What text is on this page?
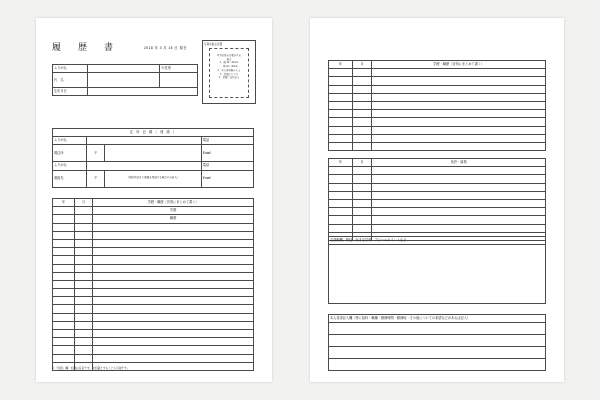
履　歴　書	2018 年 3 月 15 日 現在
写真を貼る位置
写真を貼る必要がある
場合
1．縦 36〜40mm
　 横 24〜30mm
2．本人単身胸から上
3．裏面のりづけ
4．裏面に氏名記入
ふりがな		※性別
氏　名		
生年月日		
住　所　記　載　（　連　絡　）			
ふりがな			電話
現住所	〒		Email
ふりがな			電話
連絡先	〒	（現住所以外に連絡を希望する場合のみ記入）	Email
年	月	学歴・職歴（各別にまとめて書く）
		学歴
		職歴

※「性別」欄：記載は任意です。未記載とすることも可能です。
年	月	学歴・職歴（各別にまとめて書く）

年	月	免許・資格

志望動機、特技、好きな学科、アピールポイントなど

本人希望記入欄（特に給料・職種・勤務時間・勤務地・その他についての希望などがあれば記入）
